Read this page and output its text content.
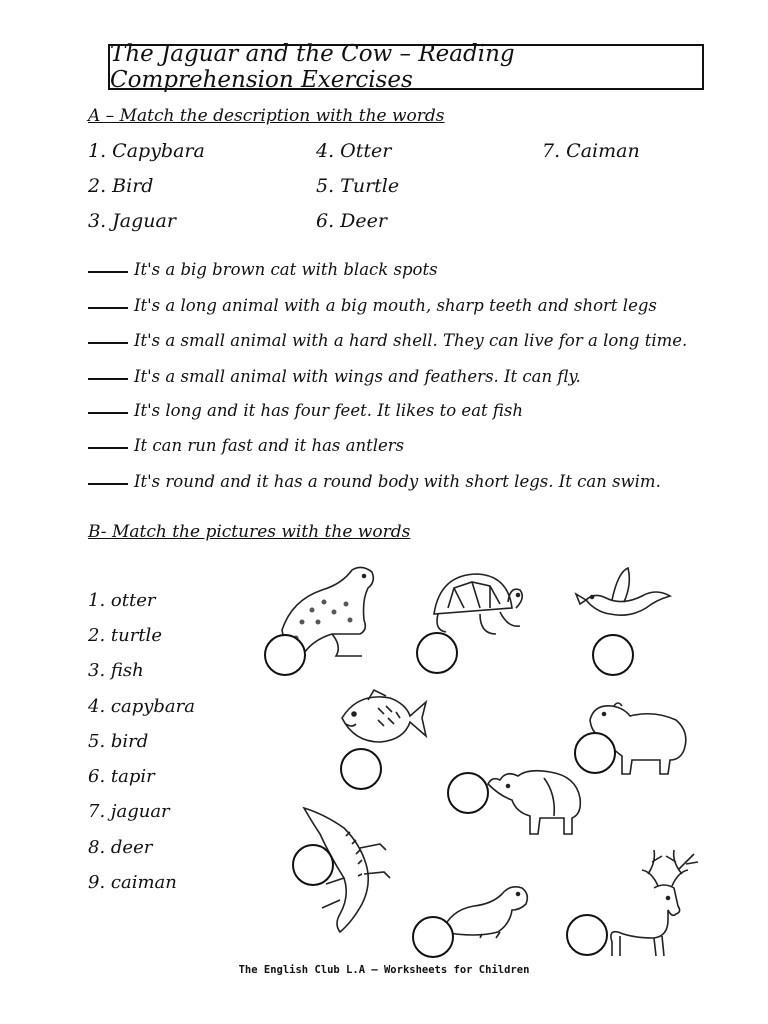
The Jaguar and the Cow – Reading Comprehension Exercises
A – Match the description with the words
1. Capybara
2. Bird
3. Jaguar
4. Otter
5. Turtle
6. Deer
7. Caiman
It's a big brown cat with black spots
It's a long animal with a big mouth, sharp teeth and short legs
It's a small animal with a hard shell. They can live for a long time.
It's a small animal with wings and feathers. It can fly.
It's long and it has four feet. It likes to eat fish
It can run fast and it has antlers
It's round and it has a round body with short legs. It can swim.
B- Match the pictures with the words
1. otter
2. turtle
3. fish
4. capybara
5. bird
6. tapir
7. jaguar
8. deer
9. caiman
The English Club L.A – Worksheets for Children
